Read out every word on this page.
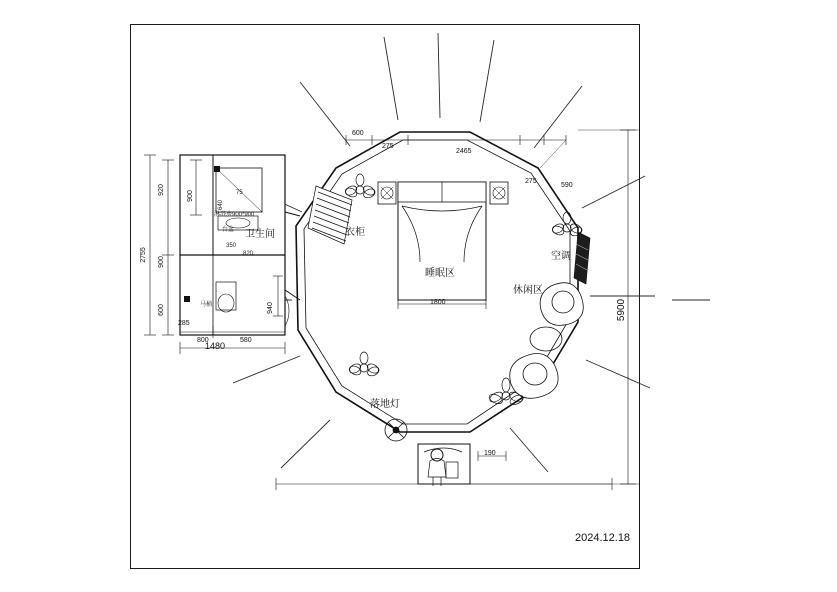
卫生间	衣柜
睡眠区
空调
休闲区
落地灯
淋浴房900*900
台盆
马桶
2755
920
900
600
900
800	580
1480
350
820
75
640
5900
600
275
2465
275
590
1800
190
940
285
2024.12.18
